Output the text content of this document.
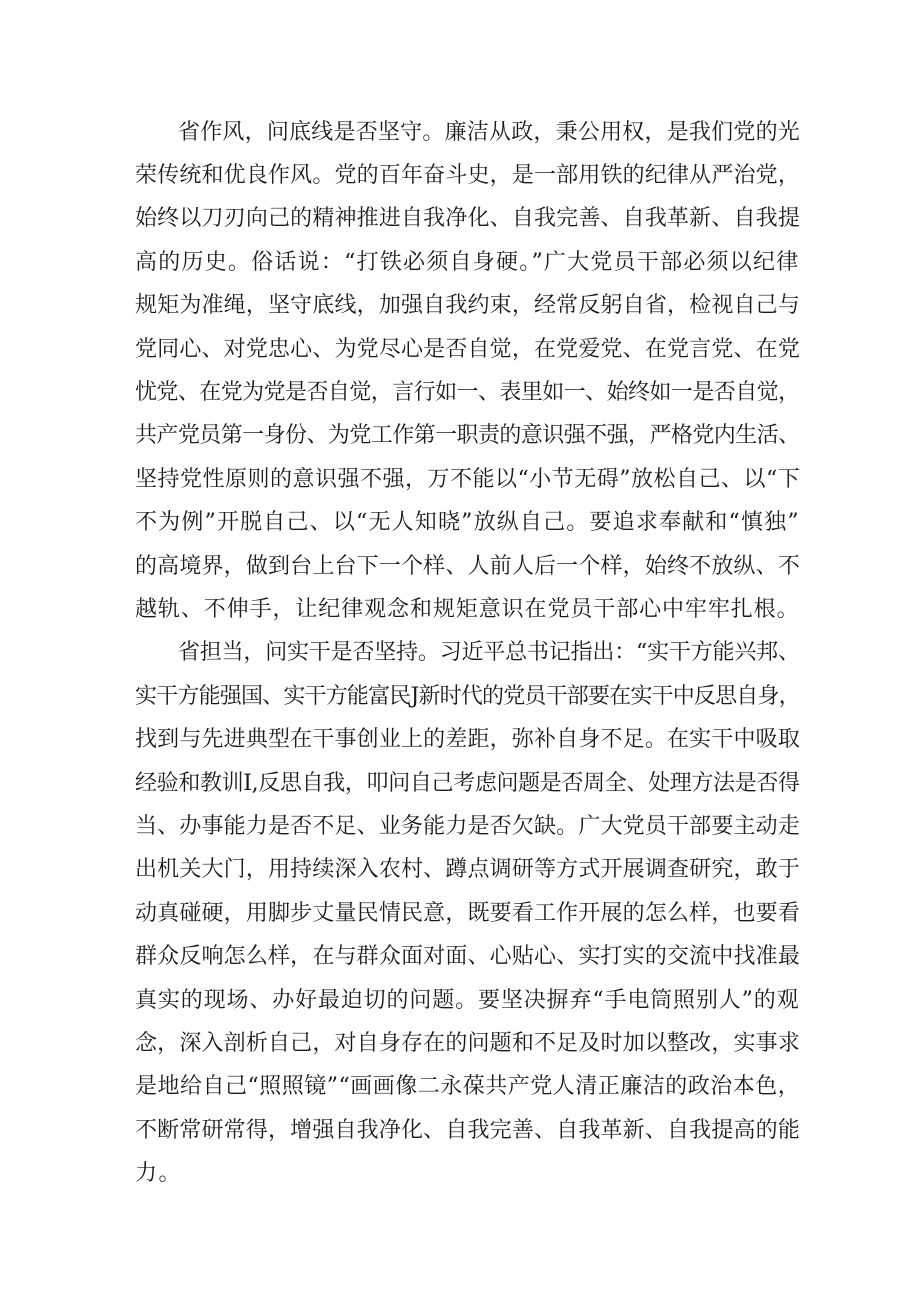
省作风，问底线是否坚守。廉洁从政，秉公用权，是我们党的光
荣传统和优良作风。党的百年奋斗史，是一部用铁的纪律从严治党，
始终以刀刃向己的精神推进自我净化、自我完善、自我革新、自我提
高的历史。俗话说：“打铁必须自身硬。”广大党员干部必须以纪律
规矩为准绳，坚守底线，加强自我约束，经常反躬自省，检视自己与
党同心、对党忠心、为党尽心是否自觉，在党爱党、在党言党、在党
忧党、在党为党是否自觉，言行如一、表里如一、始终如一是否自觉，
共产党员第一身份、为党工作第一职责的意识强不强，严格党内生活、
坚持党性原则的意识强不强，万不能以“小节无碍”放松自己、以“下
不为例”开脱自己、以“无人知晓”放纵自己。要追求奉献和“慎独”
的高境界，做到台上台下一个样、人前人后一个样，始终不放纵、不
越轨、不伸手，让纪律观念和规矩意识在党员干部心中牢牢扎根。
省担当，问实干是否坚持。习近平总书记指出：“实干方能兴邦、
实干方能强国、实干方能富民J新时代的党员干部要在实干中反思自身，
找到与先进典型在干事创业上的差距，弥补自身不足。在实干中吸取
经验和教训I,反思自我，叩问自己考虑问题是否周全、处理方法是否得
当、办事能力是否不足、业务能力是否欠缺。广大党员干部要主动走
出机关大门，用持续深入农村、蹲点调研等方式开展调查研究，敢于
动真碰硬，用脚步丈量民情民意，既要看工作开展的怎么样，也要看
群众反响怎么样，在与群众面对面、心贴心、实打实的交流中找准最
真实的现场、办好最迫切的问题。要坚决摒弃“手电筒照别人”的观
念，深入剖析自己，对自身存在的问题和不足及时加以整改，实事求
是地给自己“照照镜”“画画像二永葆共产党人清正廉洁的政治本色，
不断常研常得，增强自我净化、自我完善、自我革新、自我提高的能
力。
